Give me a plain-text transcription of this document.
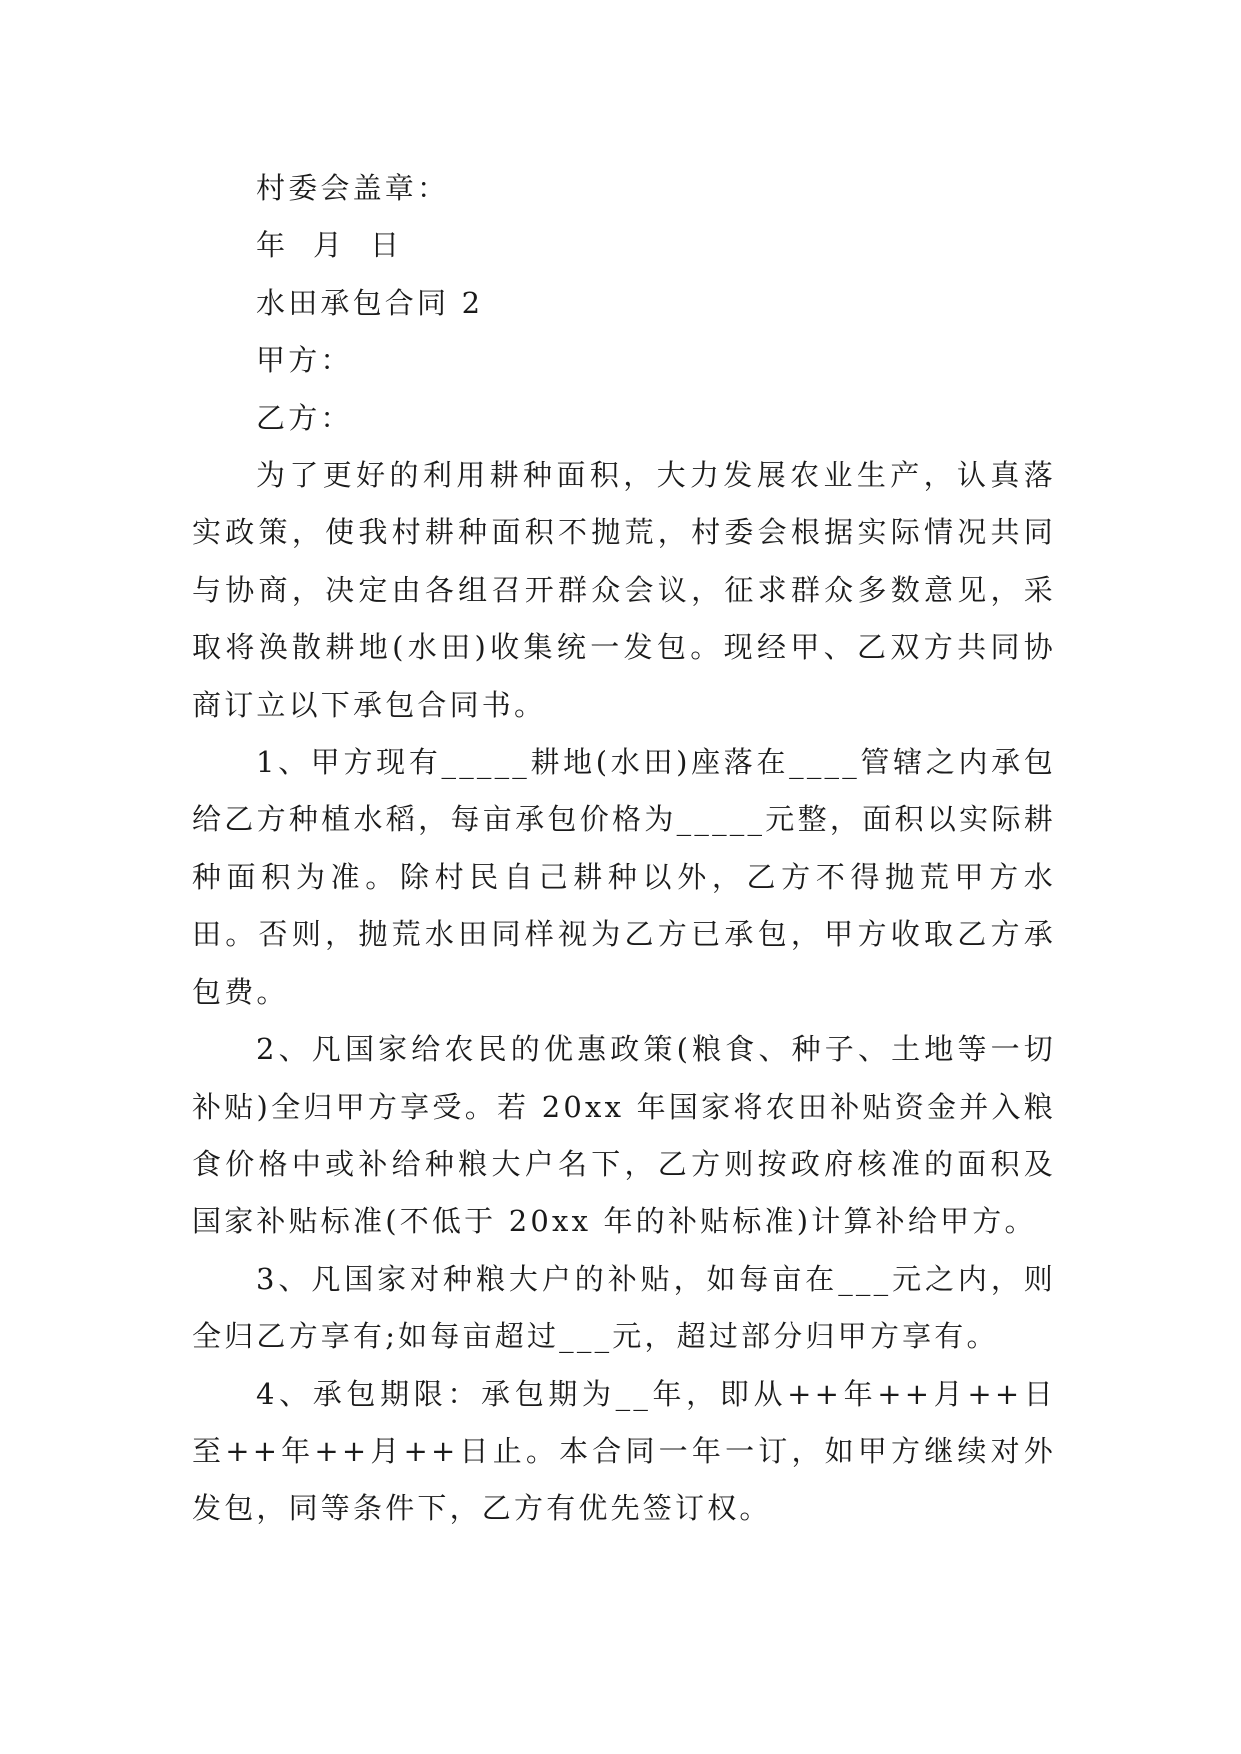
村委会盖章：

年  月  日

水田承包合同 2

甲方：

乙方：

为了更好的利用耕种面积，大力发展农业生产，认真落实政策，使我村耕种面积不抛荒，村委会根据实际情况共同与协商，决定由各组召开群众会议，征求群众多数意见，采取将涣散耕地(水田)收集统一发包。现经甲、乙双方共同协商订立以下承包合同书。

1、甲方现有_____耕地(水田)座落在____管辖之内承包给乙方种植水稻，每亩承包价格为_____元整，面积以实际耕种面积为准。除村民自己耕种以外，乙方不得抛荒甲方水田。否则，抛荒水田同样视为乙方已承包，甲方收取乙方承包费。

2、凡国家给农民的优惠政策(粮食、种子、土地等一切补贴)全归甲方享受。若 20xx 年国家将农田补贴资金并入粮食价格中或补给种粮大户名下，乙方则按政府核准的面积及国家补贴标准(不低于 20xx 年的补贴标准)计算补给甲方。

3、凡国家对种粮大户的补贴，如每亩在___元之内，则全归乙方享有;如每亩超过___元，超过部分归甲方享有。

4、承包期限：承包期为__年，即从++年++月++日至++年++月++日止。本合同一年一订，如甲方继续对外发包，同等条件下，乙方有优先签订权。
